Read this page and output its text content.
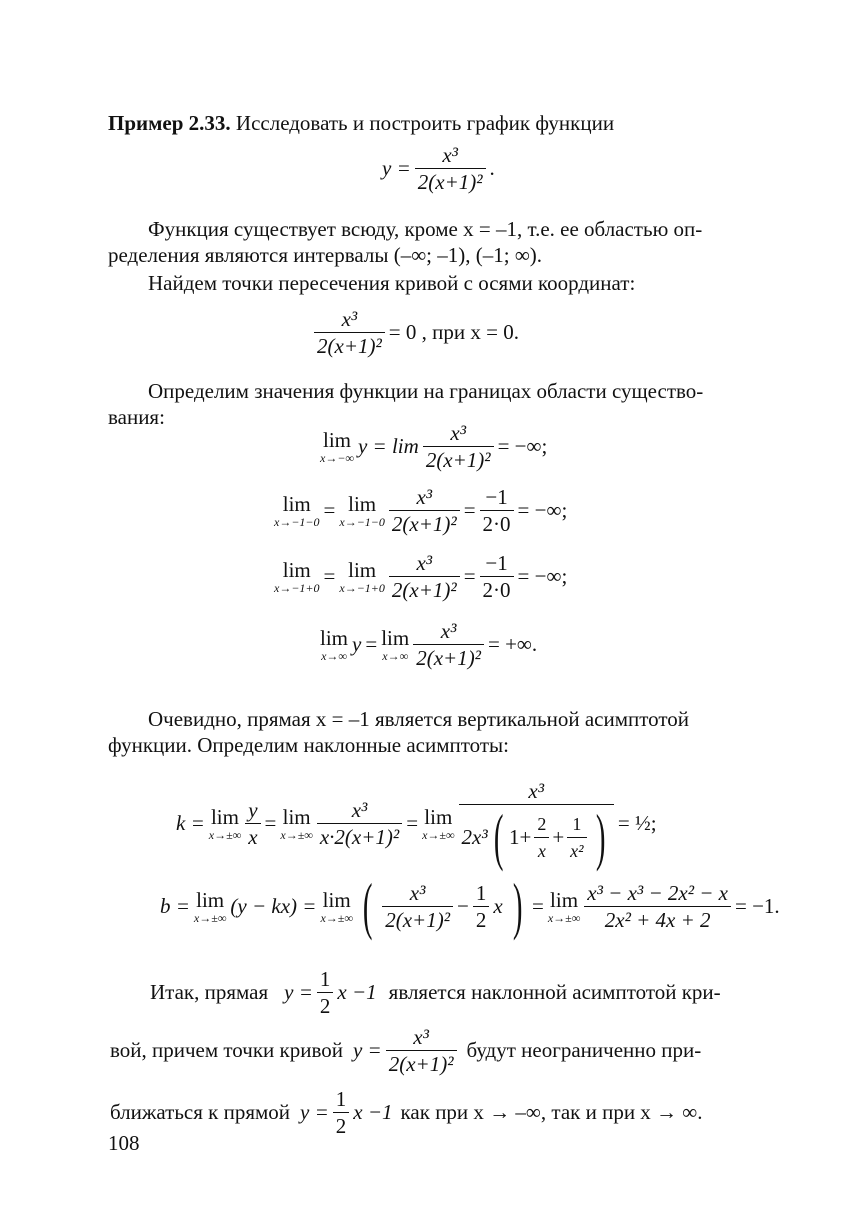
Пример 2.33. Исследовать и построить график функции
$y = \frac{\text{x³}}{\text{2(x+1)²}}$ .
Функция существует всюду, кроме x = –1, т.е. ее областью оп-
ределения являются интервалы (–∞; –1), (–1; ∞).
Найдем точки пересечения кривой с осями координат:
$\frac{\text{x³}}{\text{2(x+1)²}} = 0$ , при x = 0.
Определим значения функции на границах области существо-
вания:
lim
x→−∞ $y = \lim \frac{\text{x³}}{\text{2(x+1)²}}$ = −∞;
lim
x→−1−0 = lim
$x\to-1-0 \frac{\text{x³}}{\text{2(x+1)²}} = \frac{-1}{2\cdot 0}$ = −∞;
lim
x→−1+0 = lim
$x\to-1+0 \frac{\text{x³}}{\text{2(x+1)²}} = \frac{-1}{2\cdot 0}$ = −∞;
lim
x→∞ y = lim
$x\to\infty \frac{\text{x³}}{\text{2(x+1)²}}$ = +∞.
Очевидно, прямая x = –1 является вертикальной асимптотой
функции. Определим наклонные асимптоты:
k = lim
$x\to\pm\infty \frac{y}{x} = \lim$
$x\to\pm\infty \frac{\text{x³}}{\text{x·2(x+1)²}} = \lim$
x→±∞
x³
2x³ ( $1+ \frac{2}{x} + \frac{1}{\text{x²}}$ ) = ½;
b = lim
x→±∞ (y − kx) = lim
x→±∞ ( $\frac{\text{x³}}{\text{2(x+1)²}} - \frac{1}{2}$ x ) = lim
$x\to\pm\infty \frac{\text{x³ − x³ − 2x² − x}}{\text{2x² + 4x + 2}} = -1$.
Итак, прямая $y = \frac{1}{2}$ x −1 является наклонной асимптотой кри-
вой, причем точки кривой $y = \frac{\text{x³}}{\text{2(x+1)²}}$ будут неограниченно при-
ближаться к прямой $y = \frac{1}{2}$ x −1 как при x → –∞, так и при x → ∞.
108
